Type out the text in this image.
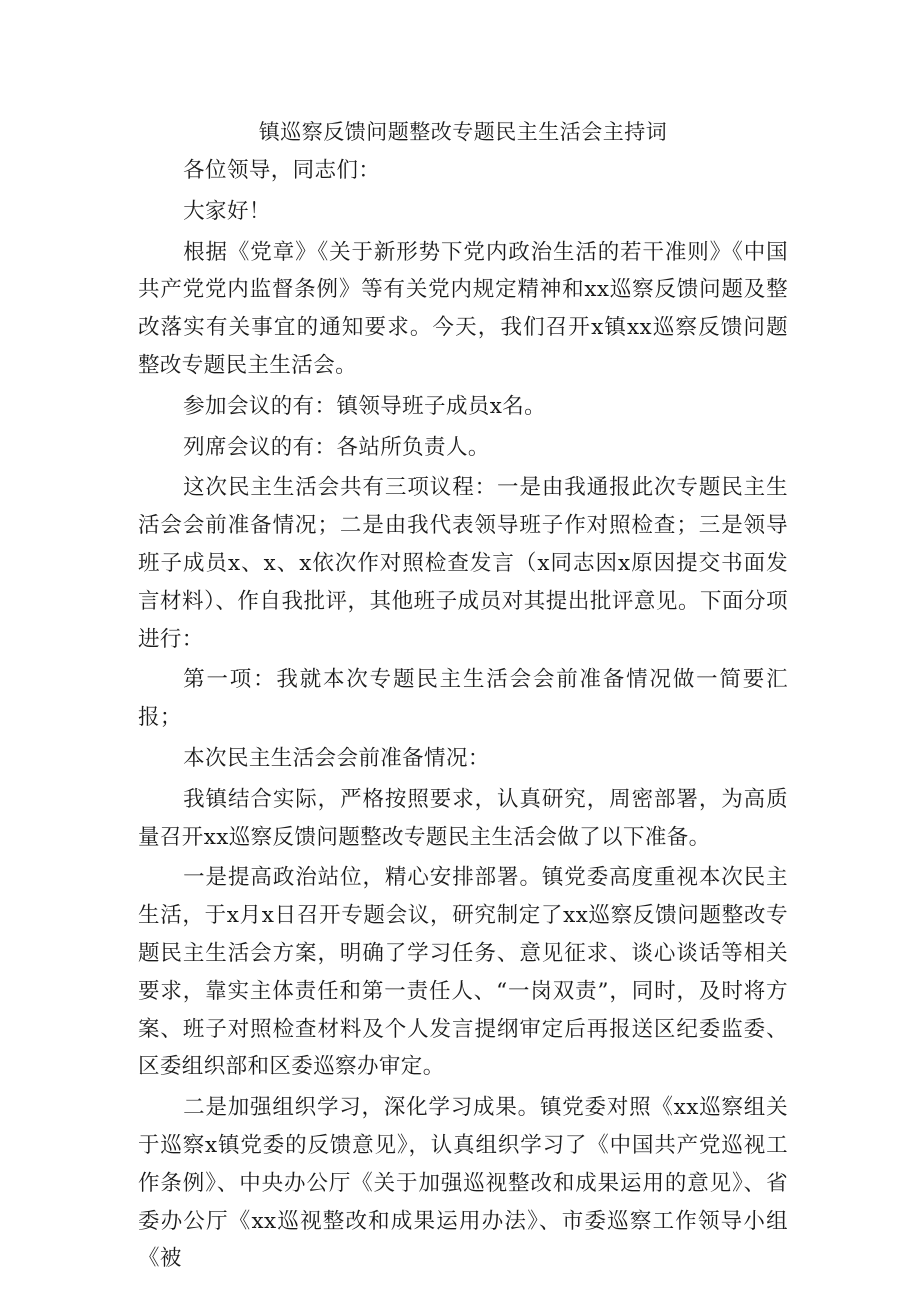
镇巡察反馈问题整改专题民主生活会主持词

各位领导，同志们：

大家好！

根据《党章》《关于新形势下党内政治生活的若干准则》《中国共产党党内监督条例》等有关党内规定精神和xx巡察反馈问题及整改落实有关事宜的通知要求。今天，我们召开x镇xx巡察反馈问题整改专题民主生活会。

参加会议的有：镇领导班子成员x名。

列席会议的有：各站所负责人。

这次民主生活会共有三项议程：一是由我通报此次专题民主生活会会前准备情况；二是由我代表领导班子作对照检查；三是领导班子成员x、x、x依次作对照检查发言（x同志因x原因提交书面发言材料）、作自我批评，其他班子成员对其提出批评意见。下面分项进行：

第一项：我就本次专题民主生活会会前准备情况做一简要汇报；

本次民主生活会会前准备情况：

我镇结合实际，严格按照要求，认真研究，周密部署，为高质量召开xx巡察反馈问题整改专题民主生活会做了以下准备。

一是提高政治站位，精心安排部署。镇党委高度重视本次民主生活，于x月x日召开专题会议，研究制定了xx巡察反馈问题整改专题民主生活会方案，明确了学习任务、意见征求、谈心谈话等相关要求，靠实主体责任和第一责任人、“一岗双责”，同时，及时将方案、班子对照检查材料及个人发言提纲审定后再报送区纪委监委、区委组织部和区委巡察办审定。

二是加强组织学习，深化学习成果。镇党委对照《xx巡察组关于巡察x镇党委的反馈意见》，认真组织学习了《中国共产党巡视工作条例》、中央办公厅《关于加强巡视整改和成果运用的意见》、省委办公厅《xx巡视整改和成果运用办法》、市委巡察工作领导小组《被
